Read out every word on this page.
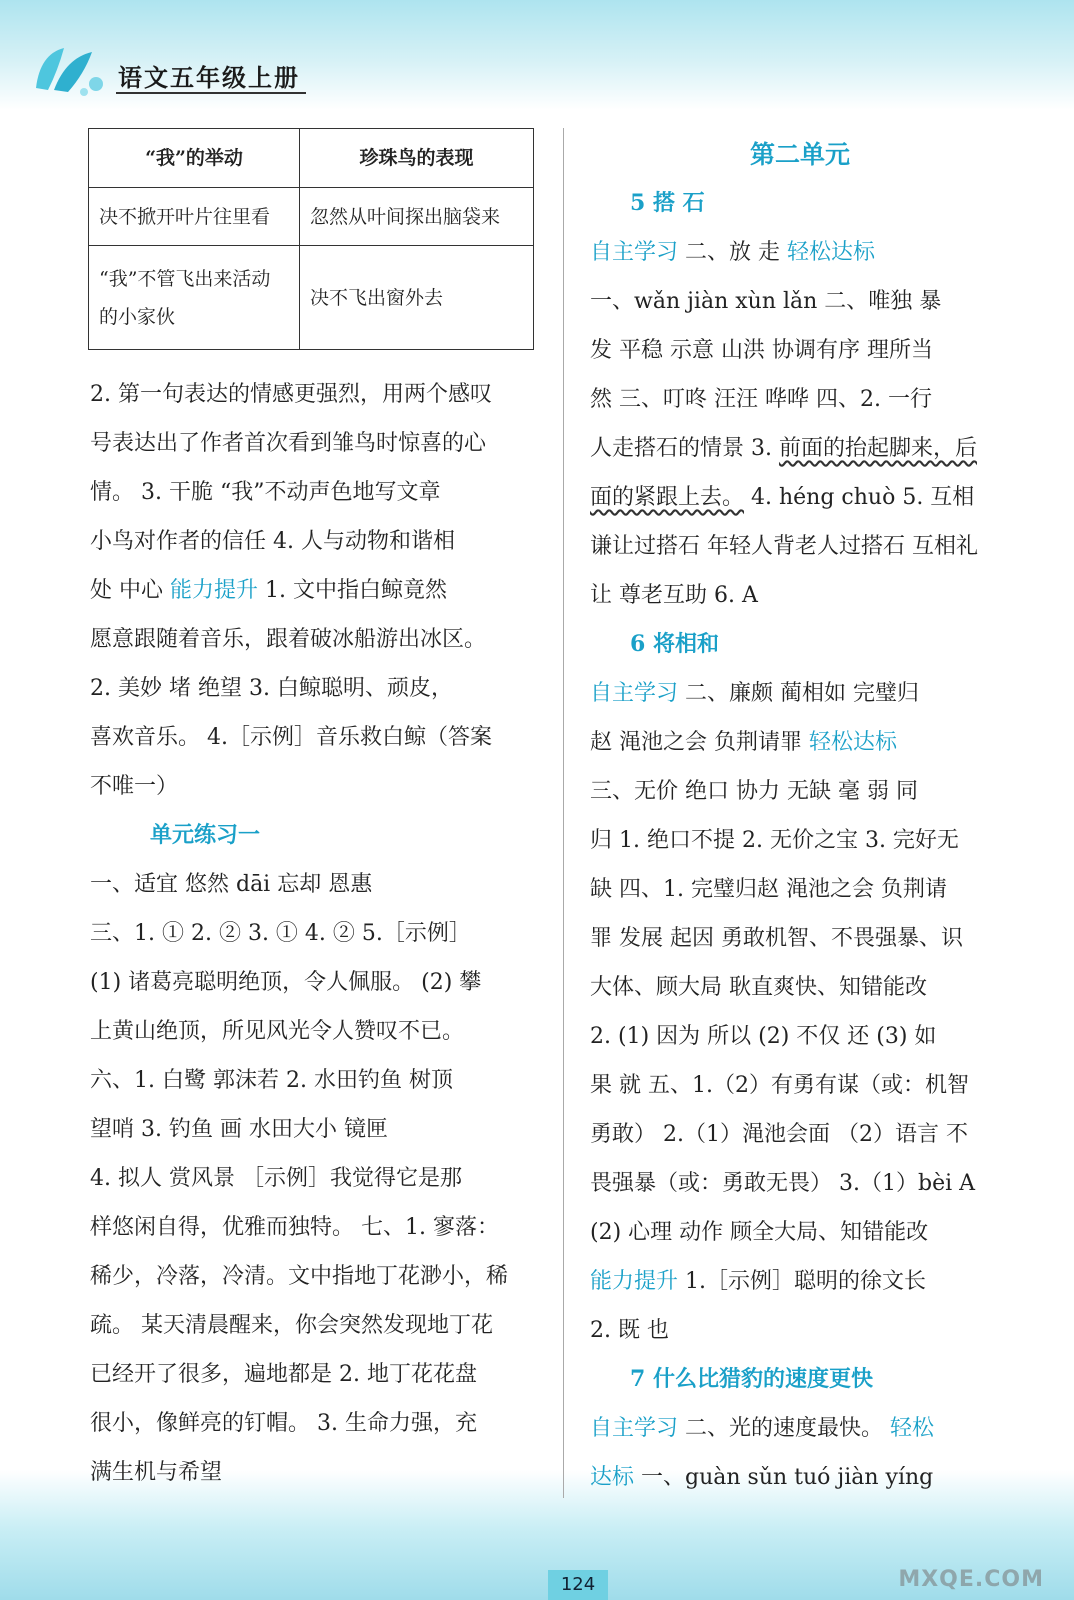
语文五年级上册
“我”的举动	珍珠鸟的表现
决不掀开叶片往里看	忽然从叶间探出脑袋来
“我”不管飞出来活动的小家伙	决不飞出窗外去

2. 第一句表达的情感更强烈，用两个感叹

号表达出了作者首次看到雏鸟时惊喜的心

情。 3. 干脆 “我”不动声色地写文章

小鸟对作者的信任 4. 人与动物和谐相

处 中心 能力提升 1. 文中指白鲸竟然

愿意跟随着音乐，跟着破冰船游出冰区。

2. 美妙 堵 绝望 3. 白鲸聪明、顽皮，

喜欢音乐。 4.［示例］音乐救白鲸（答案

不唯一）

单元练习一

一、适宜 悠然 dāi 忘却 恩惠

三、1. ① 2. ② 3. ① 4. ② 5.［示例］

(1) 诸葛亮聪明绝顶，令人佩服。 (2) 攀

上黄山绝顶，所见风光令人赞叹不已。

六、1. 白鹭 郭沫若 2. 水田钓鱼 树顶

望哨 3. 钓鱼 画 水田大小 镜匣

4. 拟人 赏风景 ［示例］我觉得它是那

样悠闲自得，优雅而独特。 七、1. 寥落：

稀少，冷落，冷清。文中指地丁花渺小，稀

疏。 某天清晨醒来，你会突然发现地丁花

已经开了很多，遍地都是 2. 地丁花花盘

很小，像鲜亮的钉帽。 3. 生命力强，充

满生机与希望

第二单元

5 搭 石

自主学习 二、放 走 轻松达标

一、wǎn jiàn xùn lǎn 二、唯独 暴

发 平稳 示意 山洪 协调有序 理所当

然 三、叮咚 汪汪 哗哗 四、2. 一行

人走搭石的情景 3. 前面的抬起脚来，后

面的紧跟上去。 4. héng chuò 5. 互相

谦让过搭石 年轻人背老人过搭石 互相礼

让 尊老互助 6. A

6 将相和

自主学习 二、廉颇 蔺相如 完璧归

赵 渑池之会 负荆请罪 轻松达标

三、无价 绝口 协力 无缺 毫 弱 同

归 1. 绝口不提 2. 无价之宝 3. 完好无

缺 四、1. 完璧归赵 渑池之会 负荆请

罪 发展 起因 勇敢机智、不畏强暴、识

大体、顾大局 耿直爽快、知错能改

2. (1) 因为 所以 (2) 不仅 还 (3) 如

果 就 五、1.（2）有勇有谋（或：机智

勇敢） 2.（1）渑池会面 （2）语言 不

畏强暴（或：勇敢无畏） 3.（1）bèi A

(2) 心理 动作 顾全大局、知错能改

能力提升 1.［示例］聪明的徐文长

2. 既 也

7 什么比猎豹的速度更快

自主学习 二、光的速度最快。 轻松

达标 一、guàn sǔn tuó jiàn yíng

124	MXQE.COM
